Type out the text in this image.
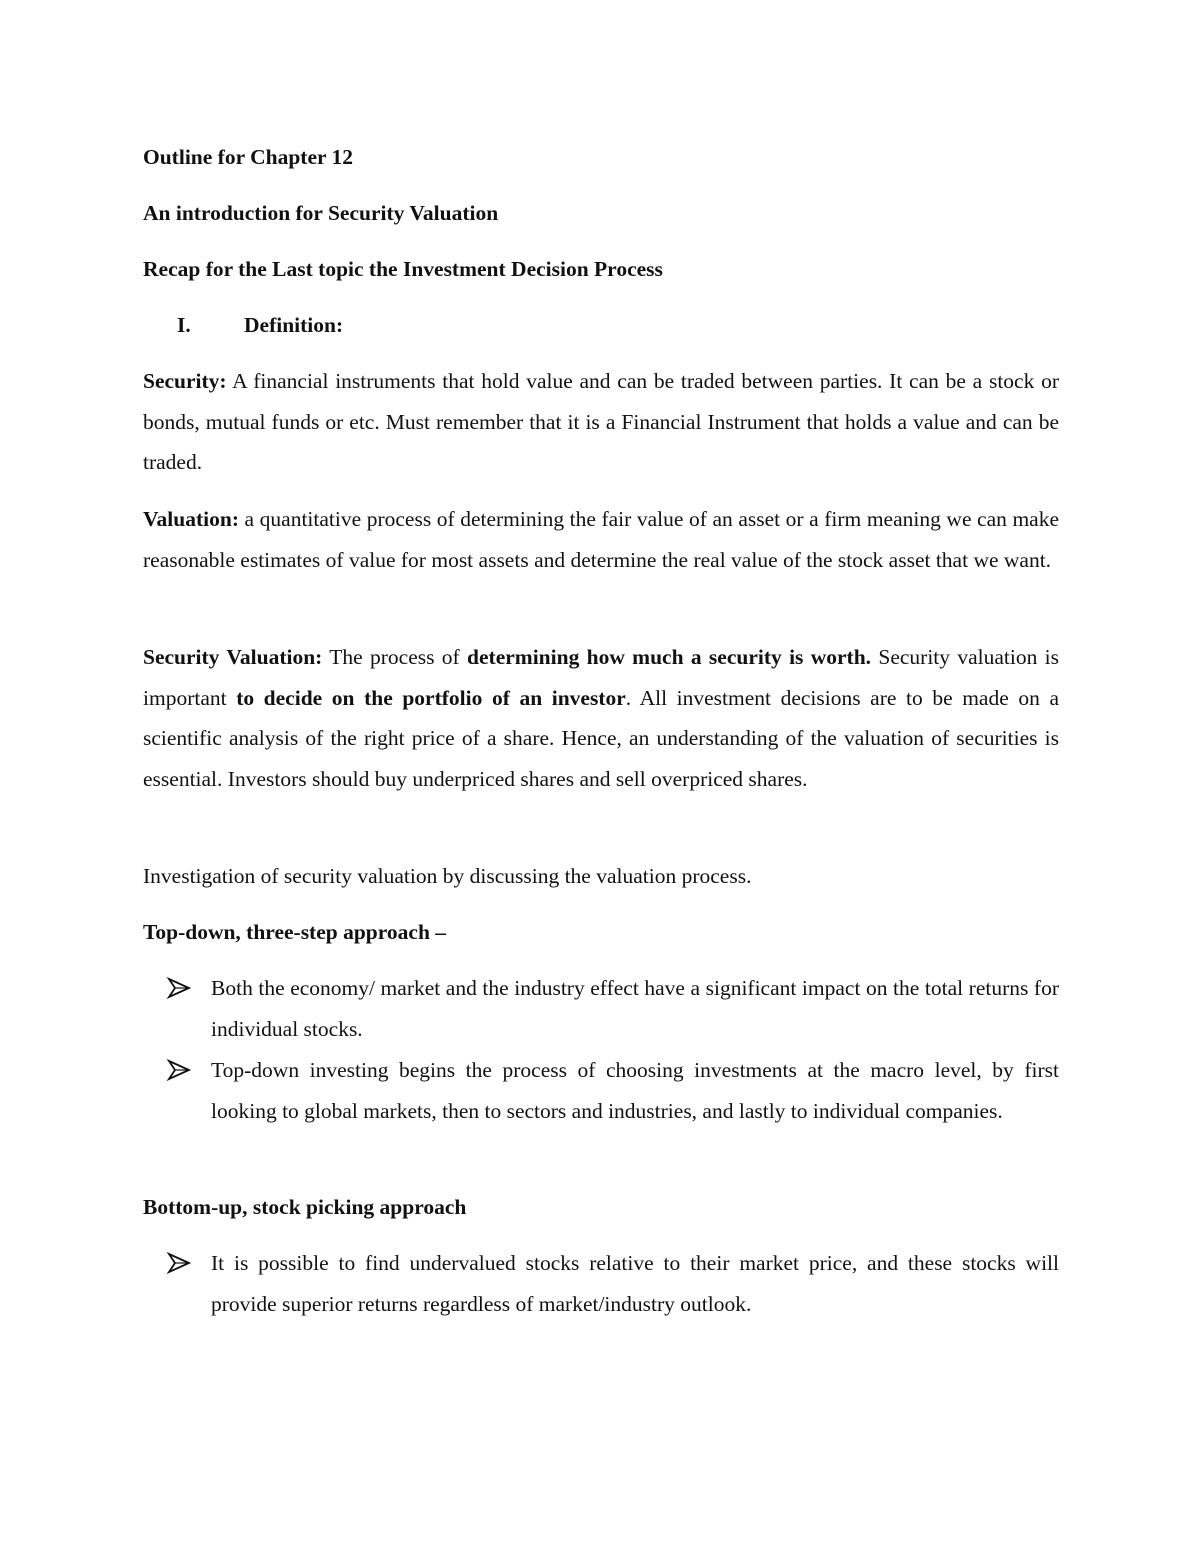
Outline for Chapter 12

An introduction for Security Valuation

Recap for the Last topic the Investment Decision Process

I. Definition:

Security: A financial instruments that hold value and can be traded between parties. It can be a stock or bonds, mutual funds or etc. Must remember that it is a Financial Instrument that holds a value and can be traded.

Valuation: a quantitative process of determining the fair value of an asset or a firm meaning we can make reasonable estimates of value for most assets and determine the real value of the stock asset that we want.

Security Valuation: The process of determining how much a security is worth. Security valuation is important to decide on the portfolio of an investor. All investment decisions are to be made on a scientific analysis of the right price of a share. Hence, an understanding of the valuation of securities is essential. Investors should buy underpriced shares and sell overpriced shares.

Investigation of security valuation by discussing the valuation process.

Top-down, three-step approach –

Both the economy/ market and the industry effect have a significant impact on the total returns for individual stocks.
Top-down investing begins the process of choosing investments at the macro level, by first looking to global markets, then to sectors and industries, and lastly to individual companies.

Bottom-up, stock picking approach

It is possible to find undervalued stocks relative to their market price, and these stocks will provide superior returns regardless of market/industry outlook.
